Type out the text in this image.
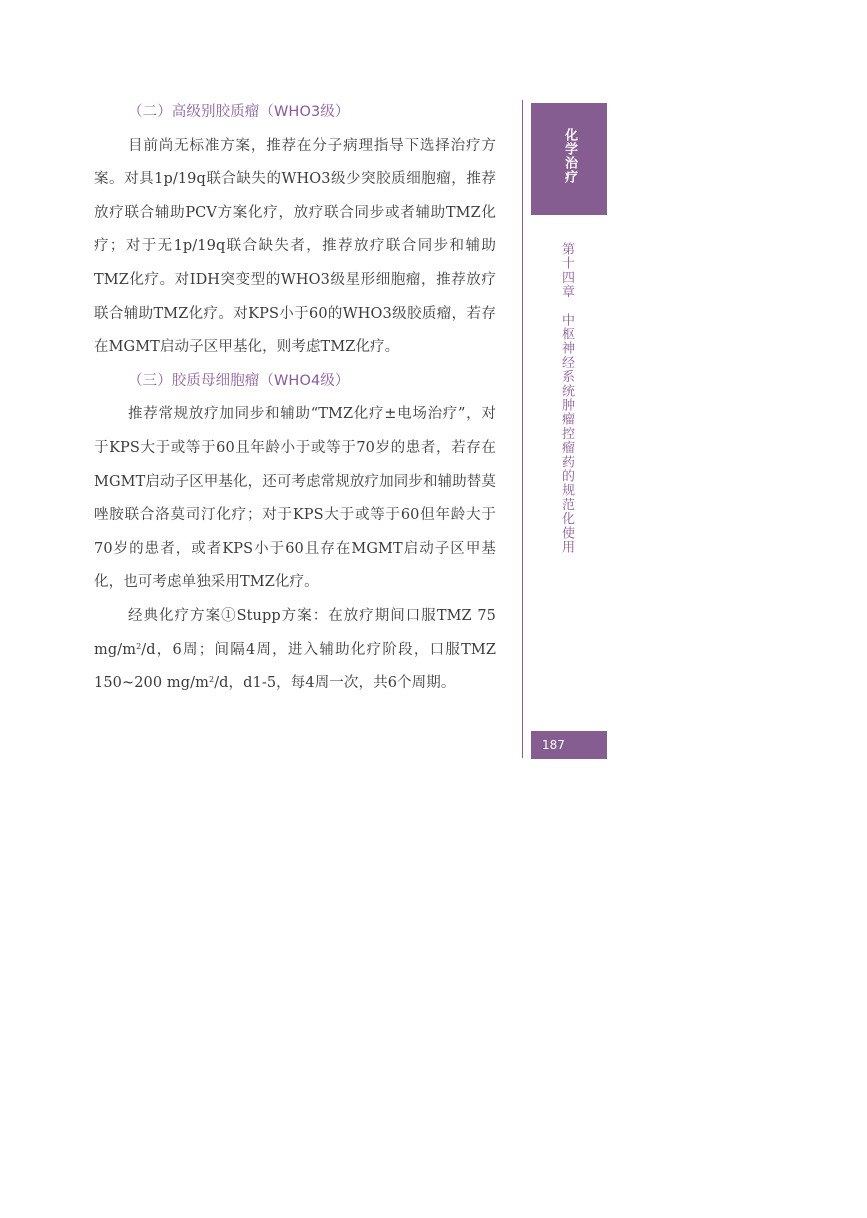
（二）高级别胶质瘤（WHO3级）

目前尚无标准方案，推荐在分子病理指导下选择治疗方案。对具1p/19q联合缺失的WHO3级少突胶质细胞瘤，推荐放疗联合辅助PCV方案化疗，放疗联合同步或者辅助TMZ化疗；对于无1p/19q联合缺失者，推荐放疗联合同步和辅助TMZ化疗。对IDH突变型的WHO3级星形细胞瘤，推荐放疗联合辅助TMZ化疗。对KPS小于60的WHO3级胶质瘤，若存在MGMT启动子区甲基化，则考虑TMZ化疗。

（三）胶质母细胞瘤（WHO4级）

推荐常规放疗加同步和辅助“TMZ化疗±电场治疗”，对于KPS大于或等于60且年龄小于或等于70岁的患者，若存在MGMT启动子区甲基化，还可考虑常规放疗加同步和辅助替莫唑胺联合洛莫司汀化疗；对于KPS大于或等于60但年龄大于70岁的患者，或者KPS小于60且存在MGMT启动子区甲基化，也可考虑单独采用TMZ化疗。

经典化疗方案①Stupp方案：在放疗期间口服TMZ 75 $mg/m^2/d$，6周；间隔4周，进入辅助化疗阶段，口服TMZ 150~200 $mg/m^2/d$，d1-5，每4周一次，共6个周期。

化学治疗
第十四章中枢神经系统肿瘤控瘤药的规范化使用
187
